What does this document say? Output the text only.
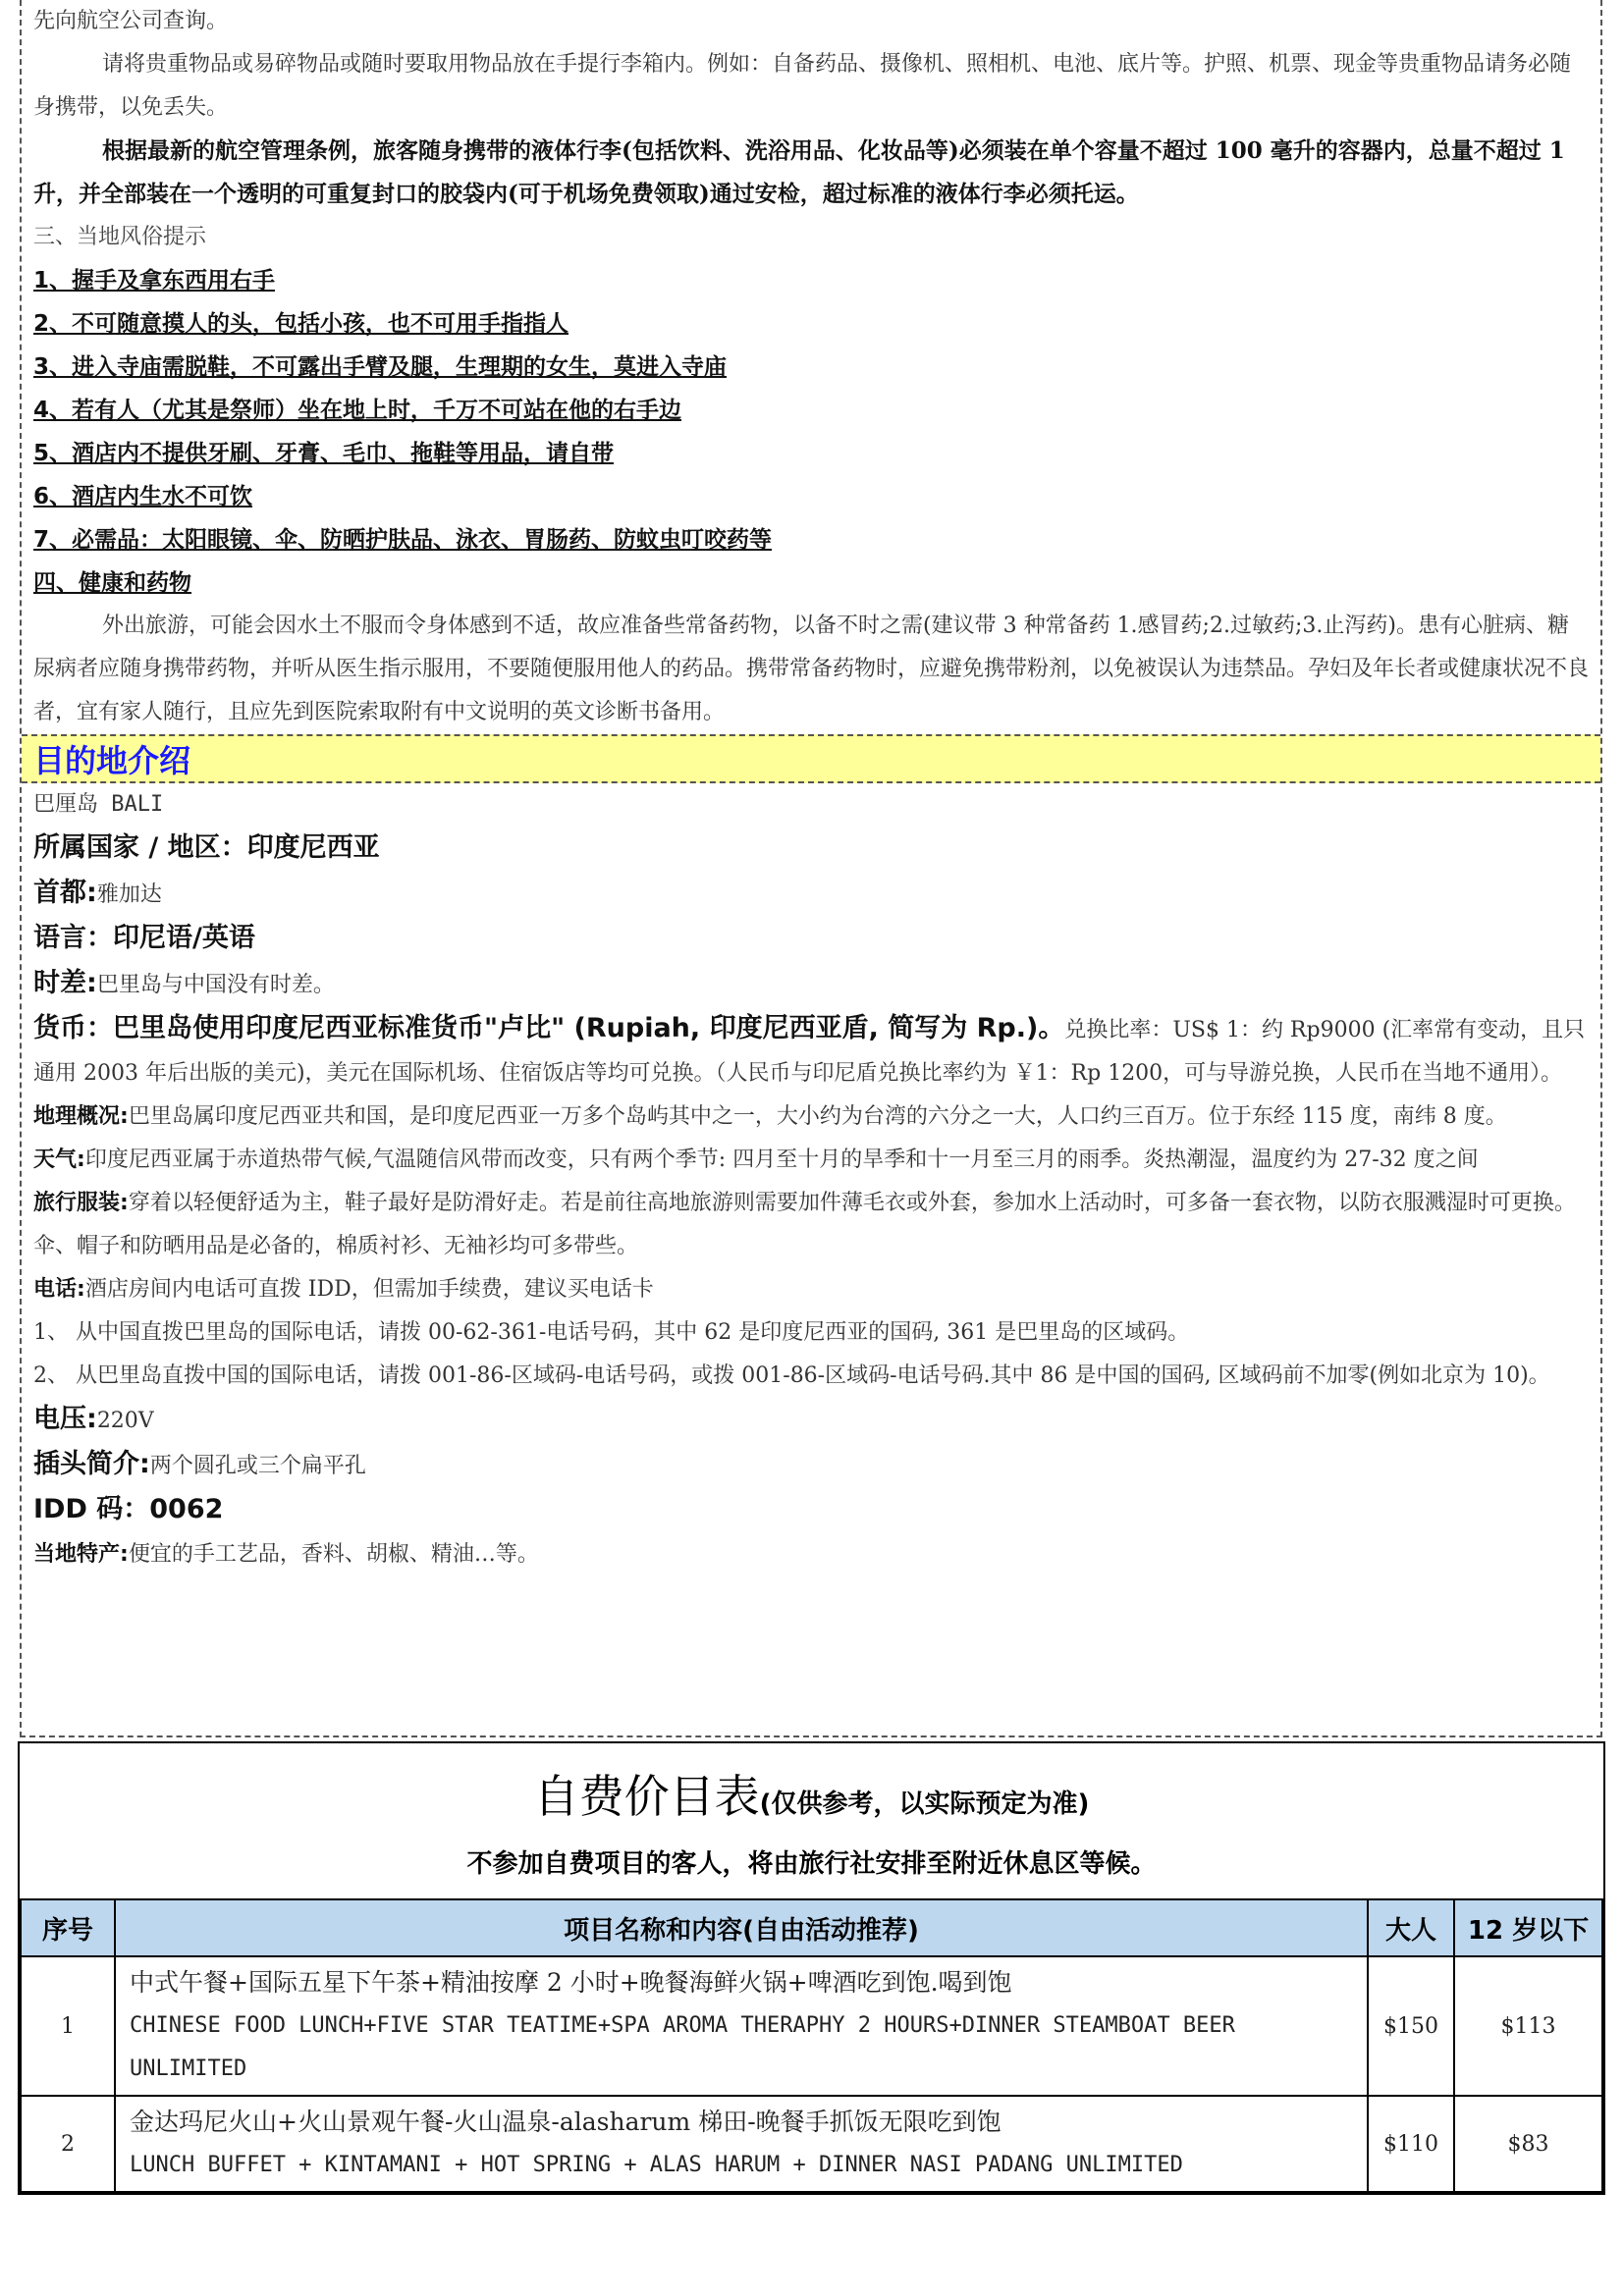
先向航空公司查询。

请将贵重物品或易碎物品或随时要取用物品放在手提行李箱内。例如：自备药品、摄像机、照相机、电池、底片等。护照、机票、现金等贵重物品请务必随身携带，以免丢失。

根据最新的航空管理条例，旅客随身携带的液体行李(包括饮料、洗浴用品、化妆品等)必须装在单个容量不超过 100 毫升的容器内，总量不超过 1 升，并全部装在一个透明的可重复封口的胶袋内(可于机场免费领取)通过安检，超过标准的液体行李必须托运。

三、当地风俗提示

1、握手及拿东西用右手

2、不可随意摸人的头，包括小孩，也不可用手指指人

3、进入寺庙需脱鞋，不可露出手臂及腿，生理期的女生，莫进入寺庙

4、若有人（尤其是祭师）坐在地上时，千万不可站在他的右手边

5、酒店内不提供牙刷、牙膏、毛巾、拖鞋等用品，请自带

6、酒店内生水不可饮

7、必需品：太阳眼镜、伞、防晒护肤品、泳衣、胃肠药、防蚊虫叮咬药等

四、健康和药物

外出旅游，可能会因水土不服而令身体感到不适，故应准备些常备药物，以备不时之需(建议带 3 种常备药 1.感冒药;2.过敏药;3.止泻药)。患有心脏病、糖尿病者应随身携带药物，并听从医生指示服用，不要随便服用他人的药品。携带常备药物时，应避免携带粉剂，以免被误认为违禁品。孕妇及年长者或健康状况不良者，宜有家人随行，且应先到医院索取附有中文说明的英文诊断书备用。

目的地介绍

巴厘岛 BALI

所属国家 / 地区：印度尼西亚

首都:雅加达

语言：印尼语/英语

时差:巴里岛与中国没有时差。

货币：巴里岛使用印度尼西亚标准货币"卢比" (Rupiah, 印度尼西亚盾, 简写为 Rp.)。兑换比率：US$ 1：约 Rp9000 (汇率常有变动，且只通用 2003 年后出版的美元)，美元在国际机场、住宿饭店等均可兑换。（人民币与印尼盾兑换比率约为 ￥1：Rp 1200，可与导游兑换，人民币在当地不通用）。

地理概况:巴里岛属印度尼西亚共和国，是印度尼西亚一万多个岛屿其中之一，大小约为台湾的六分之一大，人口约三百万。位于东经 115 度，南纬 8 度。

天气:印度尼西亚属于赤道热带气候,气温随信风带而改变，只有两个季节: 四月至十月的旱季和十一月至三月的雨季。炎热潮湿，温度约为 27-32 度之间

旅行服装:穿着以轻便舒适为主，鞋子最好是防滑好走。若是前往高地旅游则需要加件薄毛衣或外套，参加水上活动时，可多备一套衣物，以防衣服溅湿时可更换。伞、帽子和防晒用品是必备的，棉质衬衫、无袖衫均可多带些。

电话:酒店房间内电话可直拨 IDD，但需加手续费，建议买电话卡

1、 从中国直拨巴里岛的国际电话，请拨 00-62-361-电话号码，其中 62 是印度尼西亚的国码, 361 是巴里岛的区域码。

2、 从巴里岛直拨中国的国际电话，请拨 001-86-区域码-电话号码，或拨 001-86-区域码-电话号码.其中 86 是中国的国码, 区域码前不加零(例如北京为 10)。

电压:220V

插头简介:两个圆孔或三个扁平孔

IDD 码：0062

当地特产:便宜的手工艺品，香料、胡椒、精油…等。

自费价目表(仅供参考，以实际预定为准)
不参加自费项目的客人，将由旅行社安排至附近休息区等候。
序号	项目名称和内容(自由活动推荐)	大人	12 岁以下
1	中式午餐+国际五星下午茶+精油按摩 2 小时+晚餐海鲜火锅+啤酒吃到饱.喝到饱
CHINESE FOOD LUNCH+FIVE STAR TEATIME+SPA AROMA THERAPHY 2 HOURS+DINNER STEAMBOAT BEER UNLIMITED	$150	$113
2	金达玛尼火山+火山景观午餐-火山温泉-alasharum 梯田-晚餐手抓饭无限吃到饱
LUNCH BUFFET + KINTAMANI + HOT SPRING + ALAS HARUM + DINNER NASI PADANG UNLIMITED	$110	$83
